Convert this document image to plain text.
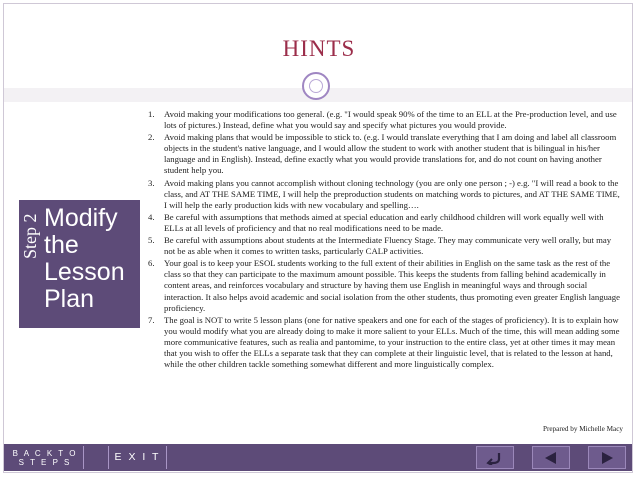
HINTS
Step 2 Modify
the
Lesson
Plan
1. Avoid making your modifications too general. (e.g. "I would speak 90% of the time to an ELL at the Pre-production level, and use lots of pictures.) Instead, define what you would say and specify what pictures you would provide.
2. Avoid making plans that would be impossible to stick to. (e.g. I would translate everything that I am doing and label all classroom objects in the student's native language, and I would allow the student to work with another student that is bilingual in his/her language and in English). Instead, define exactly what you would provide translations for, and do not count on having another student help you.
3. Avoid making plans you cannot accomplish without cloning technology (you are only one person ; -) e.g. "I will read a book to the class, and AT THE SAME TIME, I will help the preproduction students on matching words to pictures, and AT THE SAME TIME, I will help the early production kids with new vocabulary and spelling….
4. Be careful with assumptions that methods aimed at special education and early childhood children will work equally well with ELLs at all levels of proficiency and that no real modifications need to be made.
5. Be careful with assumptions about students at the Intermediate Fluency Stage. They may communicate very well orally, but may not be as able when it comes to written tasks, particularly CALP activities.
6. Your goal is to keep your ESOL students working to the full extent of their abilities in English on the same task as the rest of the class so that they can participate to the maximum amount possible. This keeps the students from falling behind academically in content areas, and reinforces vocabulary and structure by having them use English in meaningful ways and through social interaction. It also helps avoid academic and social isolation from the other students, thus promoting even greater English language proficiency.
7. The goal is NOT to write 5 lesson plans (one for native speakers and one for each of the stages of proficiency). It is to explain how you would modify what you are already doing to make it more salient to your ELLs. Much of the time, this will mean adding some more communicative features, such as realia and pantomime, to your instruction to the entire class, yet at other times it may mean that you wish to offer the ELLs a separate task that they can complete at their linguistic level, that is related to the lesson at hand, while the other children tackle something somewhat different and more linguistically complex.
Prepared by Michelle Macy
B A C K T O
S T E P S	E X I T
